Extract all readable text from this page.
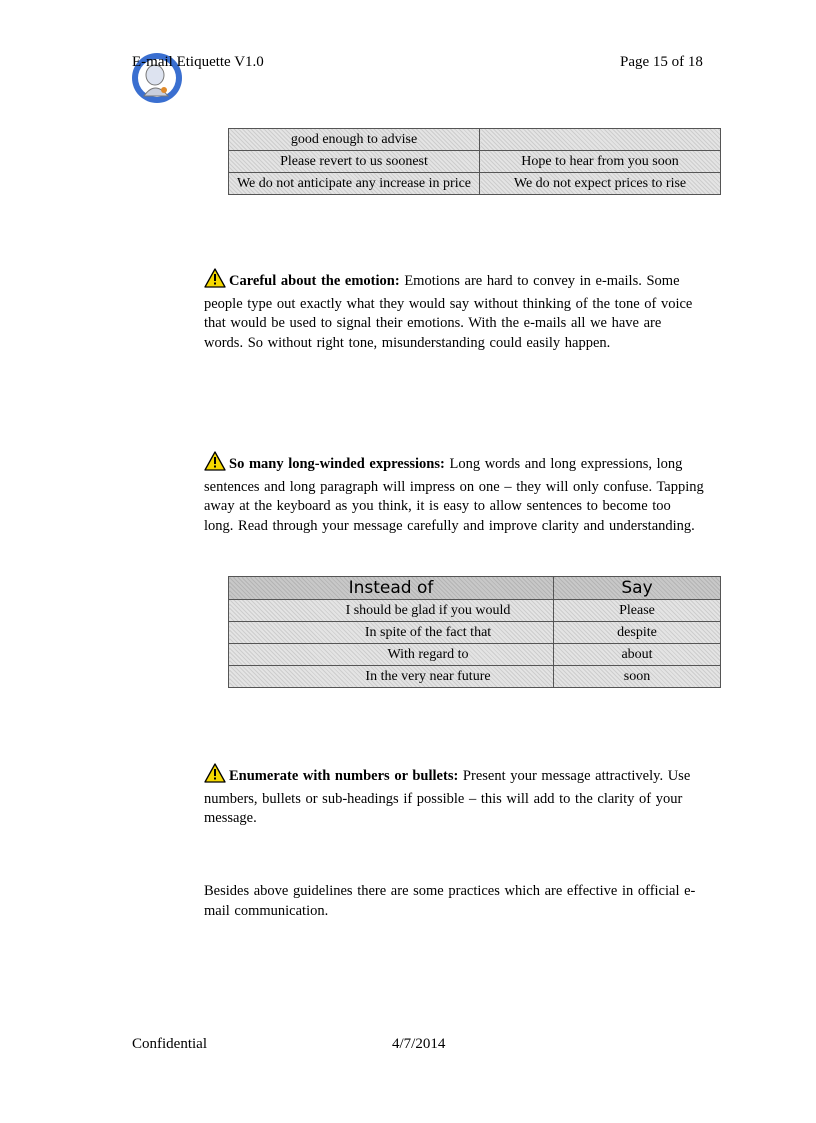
E-mail Etiquette V1.0	Page 15 of 18
good enough to advise	
Please revert to us soonest	Hope to hear from you soon
We do not anticipate any increase in price	We do not expect prices to rise
Careful about the emotion: Emotions are hard to convey in e-mails. Some people type out exactly what they would say without thinking of the tone of voice that would be used to signal their emotions. With the e-mails all we have are words. So without right tone, misunderstanding could easily happen.
So many long-winded expressions: Long words and long expressions, long sentences and long paragraph will impress on one – they will only confuse. Tapping away at the keyboard as you think, it is easy to allow sentences to become too long. Read through your message carefully and improve clarity and understanding.
Instead of	Say
I should be glad if you would	Please
In spite of the fact that	despite
With regard to	about
In the very near future	soon
Enumerate with numbers or bullets: Present your message attractively. Use numbers, bullets or sub-headings if possible – this will add to the clarity of your message.
Besides above guidelines there are some practices which are effective in official e-mail communication.
Confidential	4/7/2014
